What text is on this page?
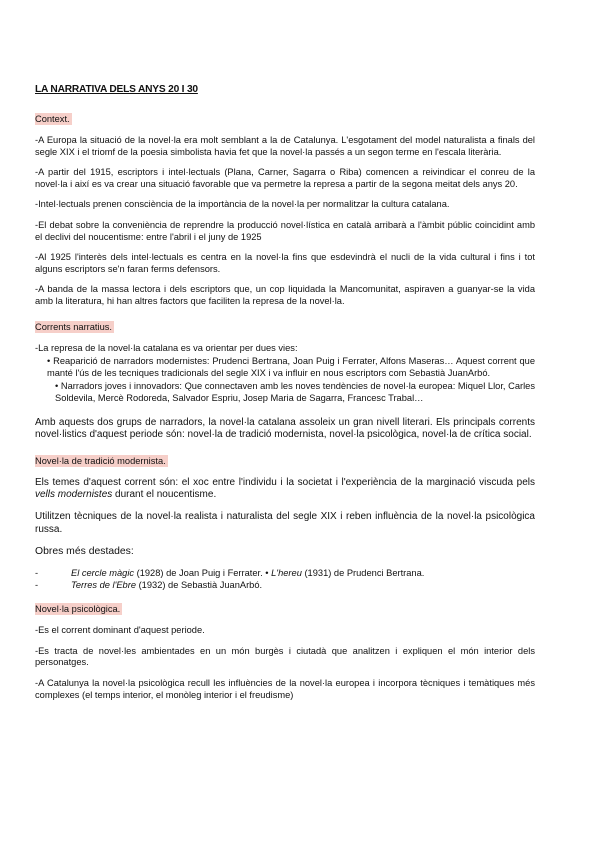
LA NARRATIVA DELS ANYS 20 I 30
Context.
-A Europa la situació de la novel·la era molt semblant a la de Catalunya. L'esgotament del model naturalista a finals del segle XIX i el triomf de la poesia simbolista havia fet que la novel·la passés a un segon terme en l'escala literària.
-A partir del 1915, escriptors i intel·lectuals (Plana, Carner, Sagarra o Riba) comencen a reivindicar el conreu de la novel·la i així es va crear una situació favorable que va permetre la represa a partir de la segona meitat dels anys 20.
-Intel·lectuals prenen consciència de la importància de la novel·la per normalitzar la cultura catalana.
-El debat sobre la conveniència de reprendre la producció novel·lística en català arribarà a l'àmbit públic coincidint amb el declivi del noucentisme: entre l'abril i el juny de 1925
-Al 1925 l'interès dels intel·lectuals es centra en la novel·la fins que esdevindrà el nucli de la vida cultural i fins i tot alguns escriptors se'n faran ferms defensors.
-A banda de la massa lectora i dels escriptors que, un cop liquidada la Mancomunitat, aspiraven a guanyar-se la vida amb la literatura, hi han altres factors que faciliten la represa de la novel·la.
Corrents narratius.
-La represa de la novel·la catalana es va orientar per dues vies:
• Reaparició de narradors modernistes: Prudenci Bertrana, Joan Puig i Ferrater, Alfons Maseras… Aquest corrent que manté l'ús de les tecniques tradicionals del segle XIX i va influir en nous escriptors com Sebastià JuanArbó.
• Narradors joves i innovadors: Que connectaven amb les noves tendències de novel·la europea: Miquel Llor, Carles Soldevila, Mercè Rodoreda, Salvador Espriu, Josep Maria de Sagarra, Francesc Trabal…
Amb aquests dos grups de narradors, la novel·la catalana assoleix un gran nivell literari. Els principals corrents novel·listics d'aquest periode són: novel·la de tradició modernista, novel·la psicològica, novel·la de crítica social.
Novel·la de tradició modernista.
Els temes d'aquest corrent són: el xoc entre l'individu i la societat i l'experiència de la marginació viscuda pels vells modernistes durant el noucentisme.
Utilitzen tècniques de la novel·la realista i naturalista del segle XIX i reben influència de la novel·la psicològica russa.
Obres més destades:
-	El cercle màgic (1928) de Joan Puig i Ferrater. • L'hereu (1931) de Prudenci Bertrana.
-	Terres de l'Ebre (1932) de Sebastià JuanArbó.
Novel·la psicològica.
-Es el corrent dominant d'aquest periode.
-Es tracta de novel·les ambientades en un món burgès i ciutadà que analitzen i expliquen el món interior dels personatges.
-A Catalunya la novel·la psicològica recull les influències de la novel·la europea i incorpora tècniques i temàtiques més complexes (el temps interior, el monòleg interior i el freudisme)
